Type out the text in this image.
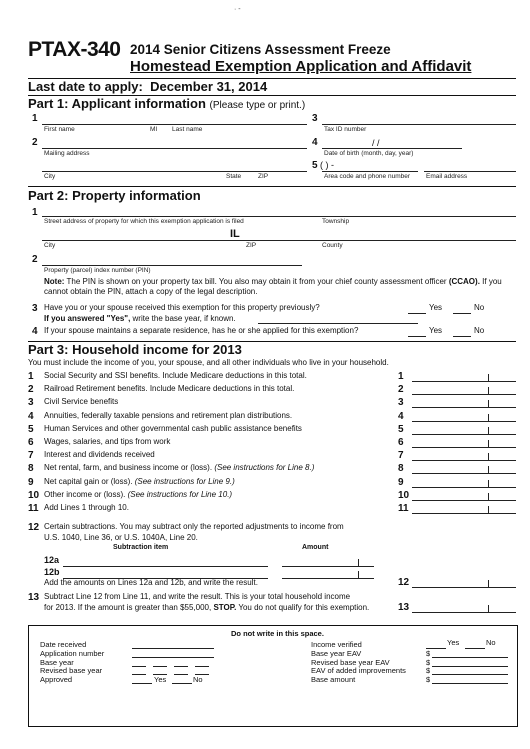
· -
PTAX-340 2014 Senior Citizens Assessment Freeze
Homestead Exemption Application and Affidavit
Last date to apply: December 31, 2014
Part 1: Applicant information (Please type or print.)
1
First name	MI Last name
3
Tax ID number
2
Mailing address
4	/ /
Date of birth (month, day, year)
City	State	ZIP
5 ( ) -
Area code and phone number Email address
Part 2: Property information
1
Street address of property for which this exemption application is filed	Township
IL
City	ZIP	County
2
Property (parcel) index number (PIN)
Note: The PIN is shown on your property tax bill. You also may obtain it from your chief county assessment officer (CCAO). If you cannot obtain the PIN, attach a copy of the legal description.
3 Have you or your spouse received this exemption for this property previously?	Yes	No
If you answered "Yes", write the base year, if known.
4 If your spouse maintains a separate residence, has he or she applied for this exemption?	Yes	No
Part 3: Household income for 2013
You must include the income of you, your spouse, and all other individuals who live in your household.
1 Social Security and SSI benefits. Include Medicare deductions in this total.	1
2 Railroad Retirement benefits. Include Medicare deductions in this total.	2
3 Civil Service benefits	3
4 Annuities, federally taxable pensions and retirement plan distributions.	4
5 Human Services and other governmental cash public assistance benefits	5
6 Wages, salaries, and tips from work	6
7 Interest and dividends received	7
8 Net rental, farm, and business income or (loss). (See instructions for Line 8.)	8
9 Net capital gain or (loss). (See instructions for Line 9.)	9
10 Other income or (loss). (See instructions for Line 10.)	10
11 Add Lines 1 through 10.	11
12 Certain subtractions. You may subtract only the reported adjustments to income from
U.S. 1040, Line 36, or U.S. 1040A, Line 20.
Subtraction item	Amount
12a
12b
Add the amounts on Lines 12a and 12b, and write the result.	12
13 Subtract Line 12 from Line 11, and write the result. This is your total household income
for 2013. If the amount is greater than $55,000, STOP. You do not qualify for this exemption.	13
Do not write in this space.
Date received
Application number
Base year
Revised base year
Approved	Yes	No
Income verified	Yes	No
Base year EAV	$
Revised base year EAV	$
EAV of added improvements	$
Base amount	$
